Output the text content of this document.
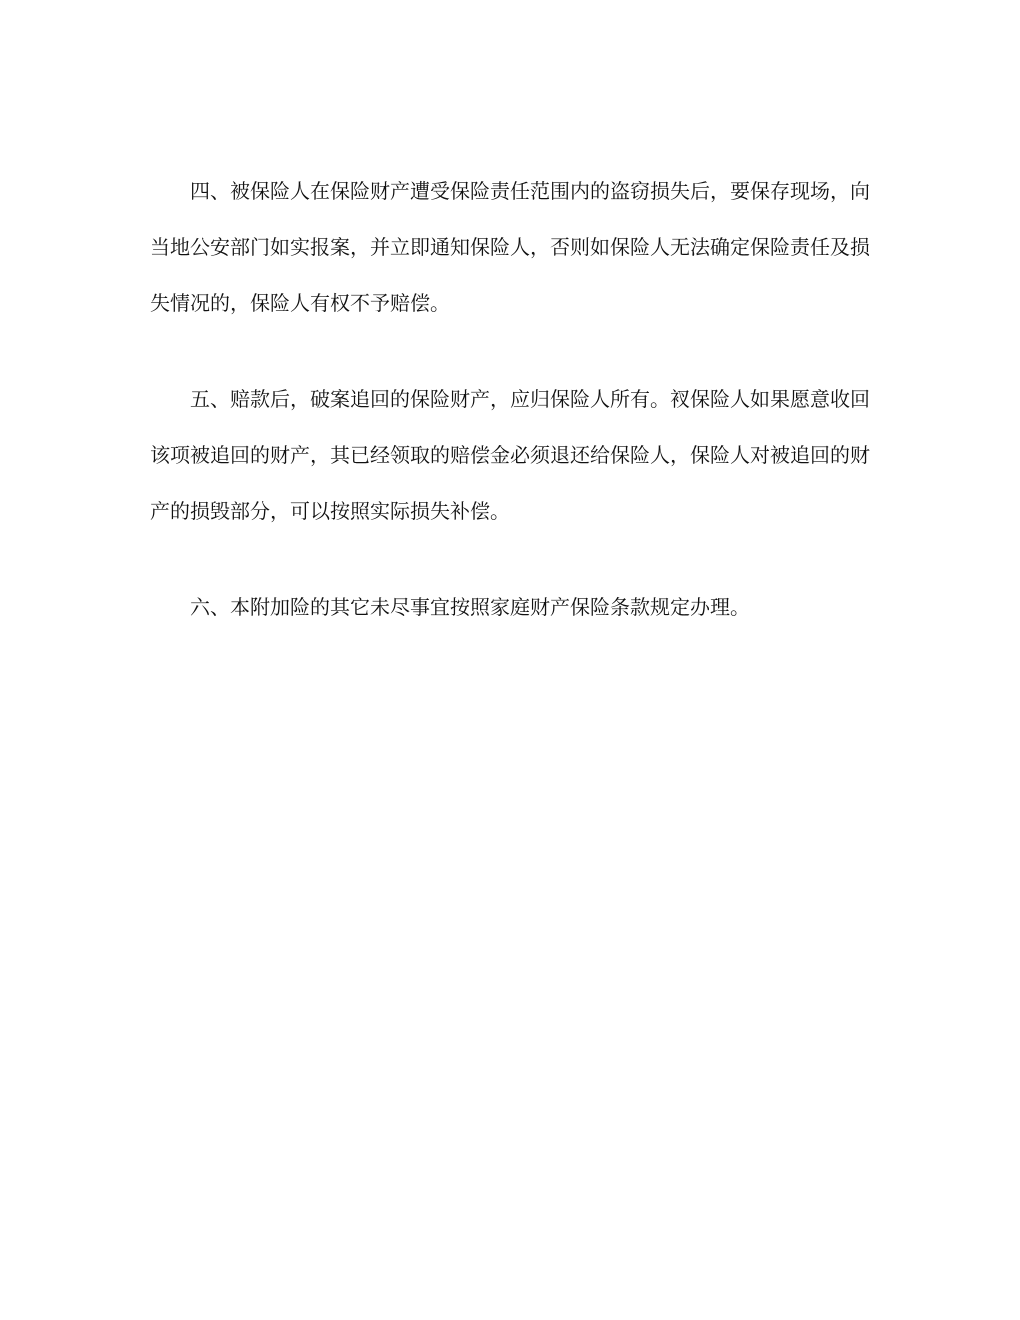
四、被保险人在保险财产遭受保险责任范围内的盗窃损失后，要保存现场，向当地公安部门如实报案，并立即通知保险人，否则如保险人无法确定保险责任及损失情况的，保险人有权不予赔偿。

五、赔款后，破案追回的保险财产，应归保险人所有。衩保险人如果愿意收回该项被追回的财产，其已经领取的赔偿金必须退还给保险人，保险人对被追回的财产的损毁部分，可以按照实际损失补偿。

六、本附加险的其它未尽事宜按照家庭财产保险条款规定办理。
